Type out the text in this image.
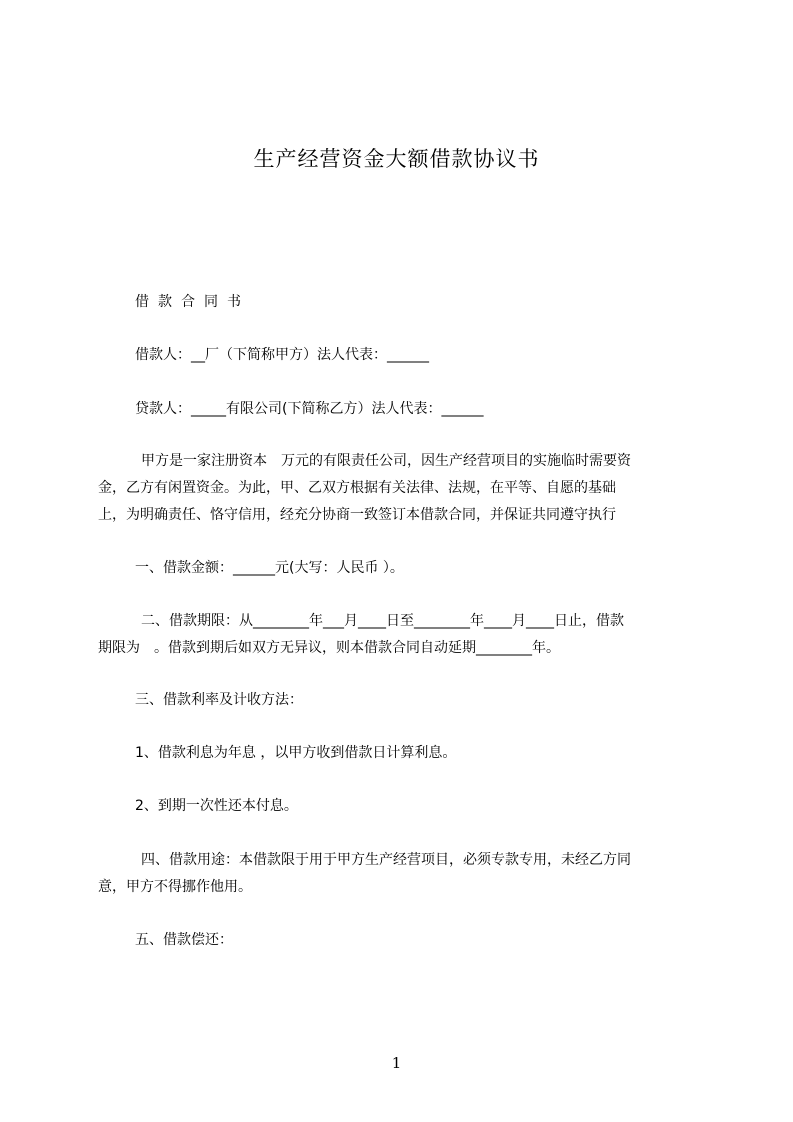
生产经营资金大额借款协议书
借款合同书
借款人：__厂（下简称甲方）法人代表：______
贷款人：_____有限公司(下简称乙方）法人代表：______
甲方是一家注册资本　万元的有限责任公司，因生产经营项目的实施临时需要资
金，乙方有闲置资金。为此，甲、乙双方根据有关法律、法规，在平等、自愿的基础
上，为明确责任、恪守信用，经充分协商一致签订本借款合同，并保证共同遵守执行
一、借款金额：______元(大写：人民币 ）。
二、借款期限：从________年___月____日至________年____月____日止，借款
期限为　。借款到期后如双方无异议，则本借款合同自动延期________年。
三、借款利率及计收方法：
1、借款利息为年息 ，以甲方收到借款日计算利息。
2、到期一次性还本付息。
四、借款用途：本借款限于用于甲方生产经营项目，必须专款专用，未经乙方同
意，甲方不得挪作他用。
五、借款偿还：
1
